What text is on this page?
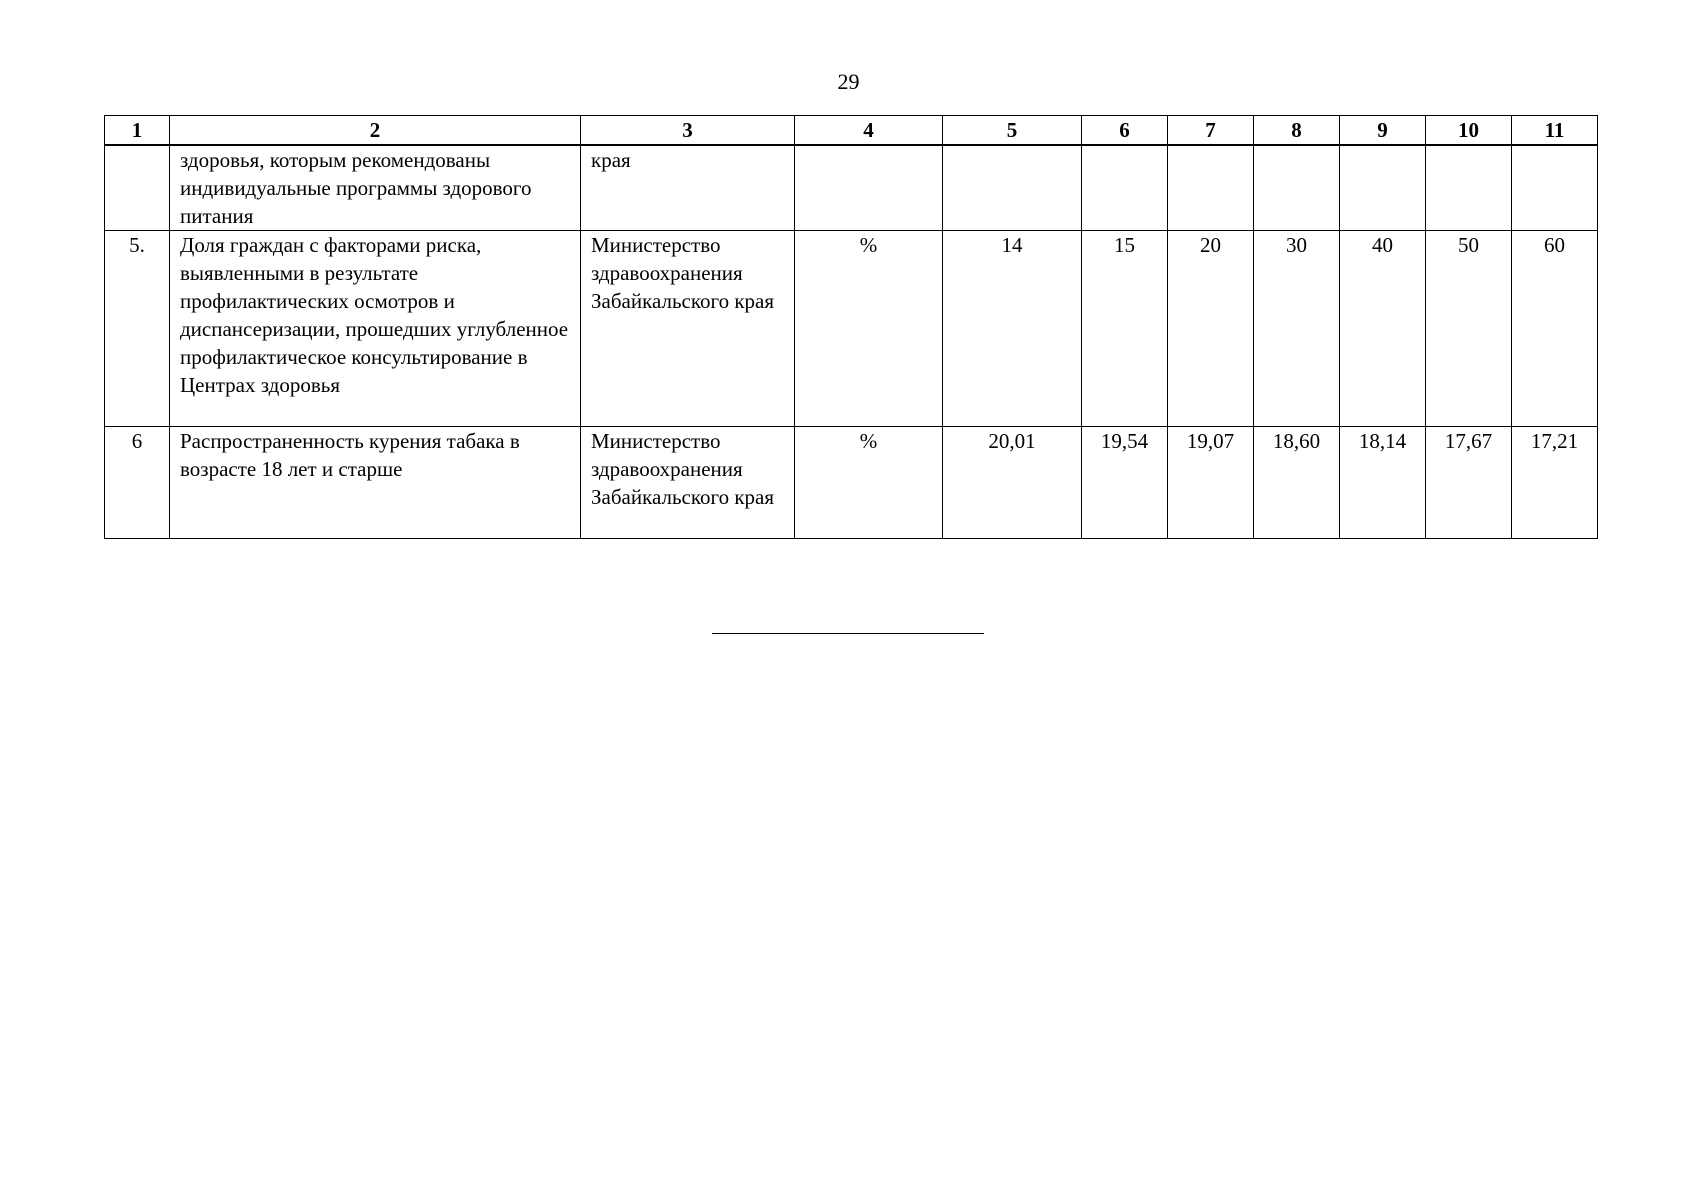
29
1	2	3	4	5	6	7	8	9	10	11
	здоровья, которым рекомендованы индивидуальные программы здорового питания	края								
5.	Доля граждан с факторами риска, выявленными в результате профилактических осмотров и диспансеризации, прошедших углубленное профилактическое консультирование в Центрах здоровья	Министерство здравоохранения Забайкальского края	%	14	15	20	30	40	50	60
6	Распространенность курения табака в возрасте 18 лет и старше	Министерство здравоохранения Забайкальского края	%	20,01	19,54	19,07	18,60	18,14	17,67	17,21
